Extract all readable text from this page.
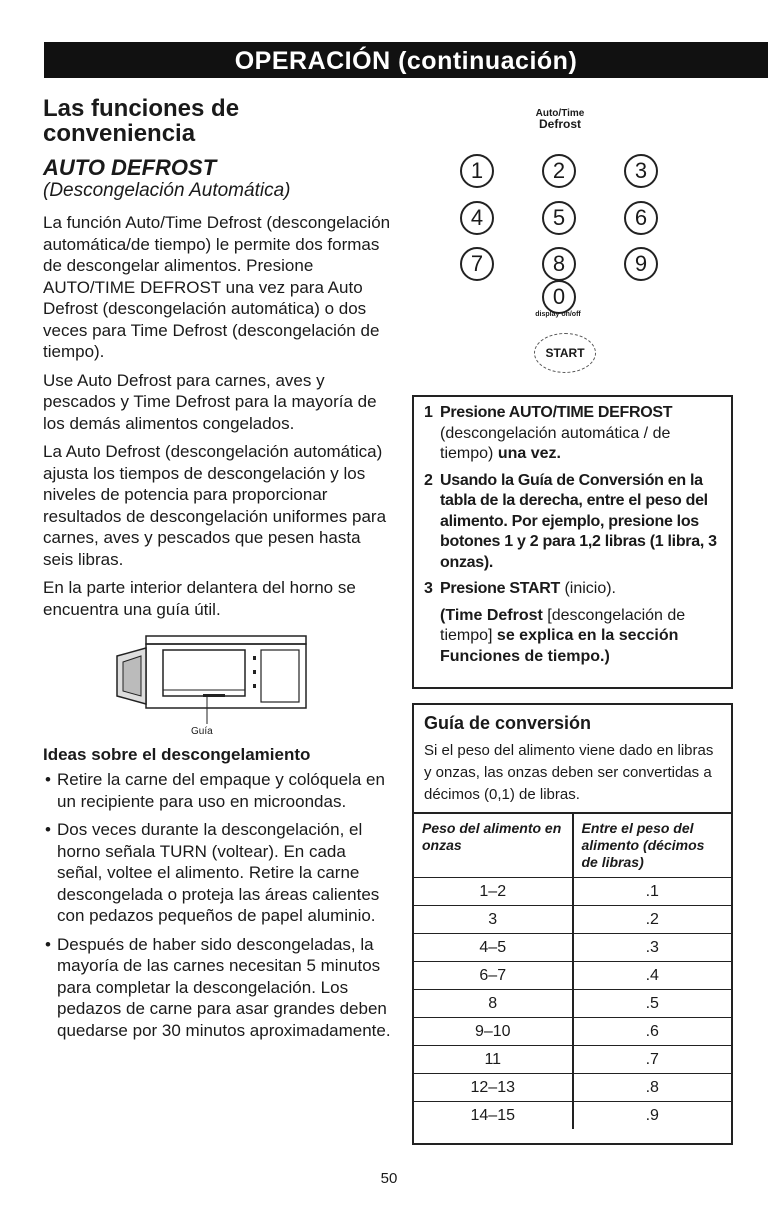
OPERACIÓN (continuación)
Las funciones de conveniencia
AUTO DEFROST
(Descongelación Automática)

La función Auto/Time Defrost (descongelación automática/de tiempo) le permite dos formas de descongelar alimentos. Presione AUTO/TIME DEFROST una vez para Auto Defrost (descongelación automática) o dos veces para Time Defrost (descongelación de tiempo).

Use Auto Defrost para carnes, aves y pescados y Time Defrost para la mayoría de los demás alimentos congelados.

La Auto Defrost (descongelación automática) ajusta los tiempos de descongelación y los niveles de potencia para proporcionar resultados de descongelación uniformes para carnes, aves y pescados que pesen hasta seis libras.

En la parte interior delantera del horno se encuentra una guía útil.

Guía
Ideas sobre el descongelamiento
• Retire la carne del empaque y colóquela en un recipiente para uso en microondas.
• Dos veces durante la descongelación, el horno señala TURN (voltear). En cada señal, voltee el alimento. Retire la carne descongelada o proteja las áreas calientes con pedazos pequeños de papel aluminio.
• Después de haber sido descongeladas, la mayoría de las carnes necesitan 5 minutos para completar la descongelación. Los pedazos de carne para asar grandes deben quedarse por 30 minutos aproximadamente.
Auto/Time
Defrost
1	2	3
4	5	6
7	8	9
0
display on/off
START
1 Presione AUTO/TIME DEFROST
(descongelación automática / de tiempo) una vez.
2 Usando la Guía de Conversión en la tabla de la derecha, entre el peso del alimento. Por ejemplo, presione los botones 1 y 2 para 1,2 libras (1 libra, 3 onzas).
3 Presione START (inicio).
(Time Defrost [descongelación de tiempo] se explica en la sección Funciones de tiempo.)
Guía de conversión
Si el peso del alimento viene dado en libras y onzas, las onzas deben ser convertidas a décimos (0,1) de libras.
Peso del alimento en onzas	Entre el peso del alimento (décimos de libras)
1–2	.1
3	.2
4–5	.3
6–7	.4
8	.5
9–10	.6
11	.7
12–13	.8
14–15	.9
50
